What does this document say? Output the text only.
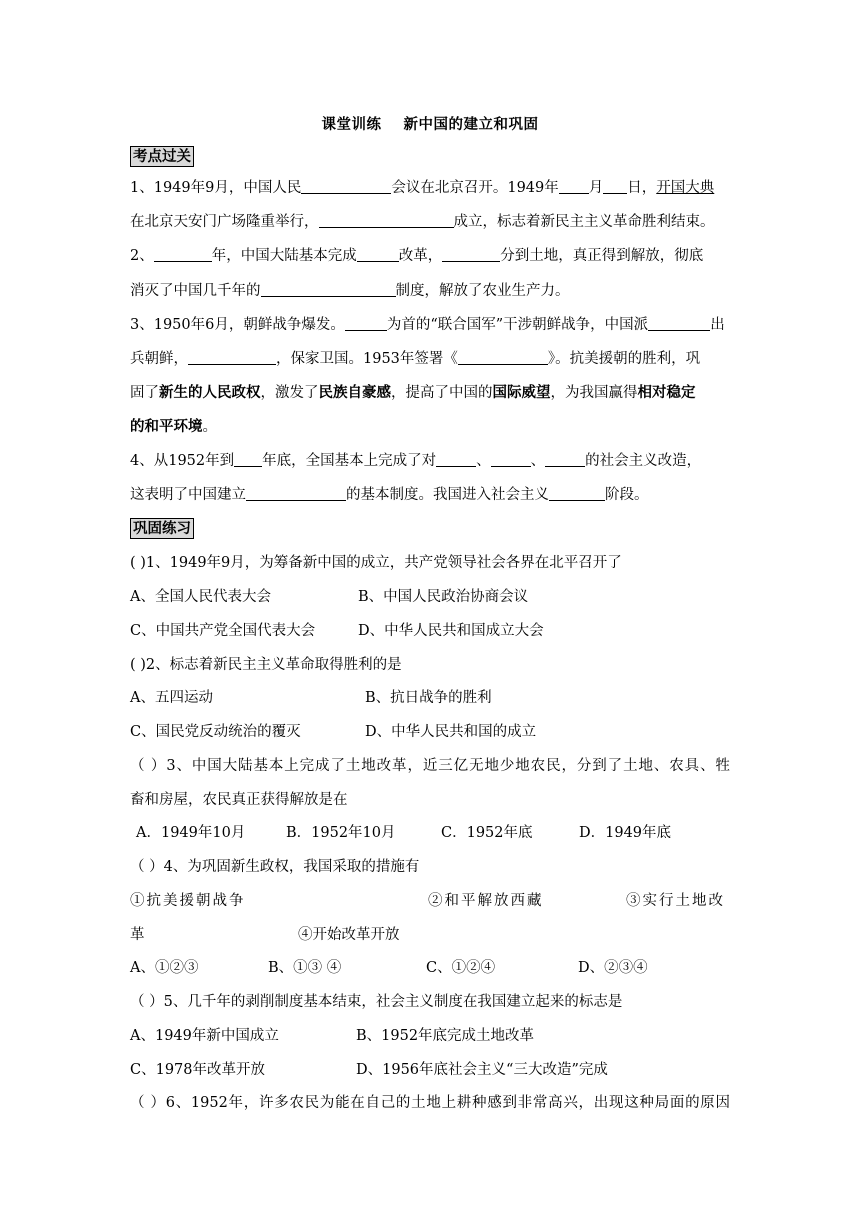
课堂训练 新中国的建立和巩固
考点过关
1、1949年9月，中国人民	会议在北京召开。1949年 月 日，开国大典
在北京天安门广场隆重举行，	成立，标志着新民主主义革命胜利结束。
2、	年，中国大陆基本完成	改革，	分到土地，真正得到解放，彻底
消灭了中国几千年的	制度，解放了农业生产力。
3、1950年6月，朝鲜战争爆发。	为首的“联合国军”干涉朝鲜战争，中国派	出
兵朝鲜，	，保家卫国。1953年签署《	》。抗美援朝的胜利，巩
固了新生的人民政权，激发了民族自豪感，提高了中国的国际威望，为我国赢得相对稳定
的和平环境。
4、从1952年到 年底，全国基本上完成了对	、	、	的社会主义改造，
这表明了中国建立	的基本制度。我国进入社会主义	阶段。
巩固练习
( )1、1949年9月，为筹备新中国的成立，共产党领导社会各界在北平召开了
A、全国人民代表大会	B、中国人民政治协商会议
C、中国共产党全国代表大会	D、中华人民共和国成立大会
( )2、标志着新民主主义革命取得胜利的是
A、五四运动	B、抗日战争的胜利
C、国民党反动统治的覆灭	D、中华人民共和国的成立
（ ）3、中国大陆基本上完成了土地改革，近三亿无地少地农民，分到了土地、农具、牲
畜和房屋，农民真正获得解放是在
A．1949年10月	B．1952年10月	C．1952年底	D．1949年底
（ ）4、为巩固新生政权，我国采取的措施有
①抗美援朝战争	②和平解放西藏	③实行土地改
革	④开始改革开放
A、①②③	B、①③ ④	C、①②④	D、②③④
（ ）5、几千年的剥削制度基本结束，社会主义制度在我国建立起来的标志是
A、1949年新中国成立	B、1952年底完成土地改革
C、1978年改革开放	D、1956年底社会主义“三大改造”完成
（ ）6、1952年，许多农民为能在自己的土地上耕种感到非常高兴，出现这种局面的原因
